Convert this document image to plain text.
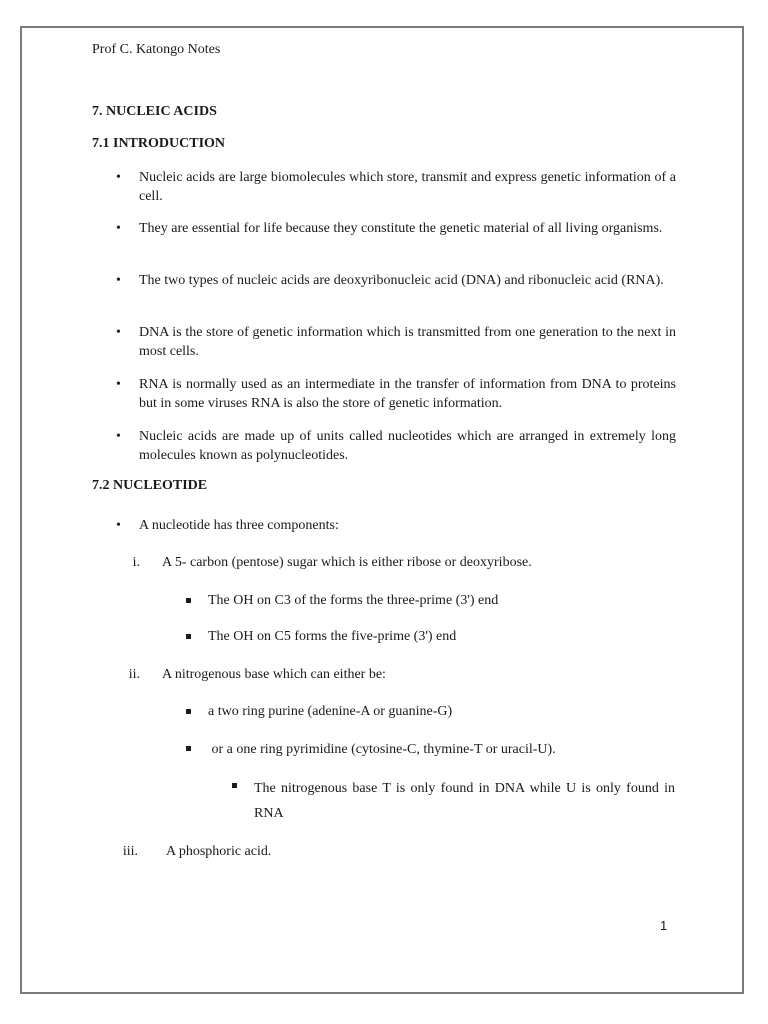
Prof C. Katongo Notes
7. NUCLEIC ACIDS
7.1 INTRODUCTION
• Nucleic acids are large biomolecules which store, transmit and express genetic information of a cell.
• They are essential for life because they constitute the genetic material of all living organisms.
• The two types of nucleic acids are deoxyribonucleic acid (DNA) and ribonucleic acid (RNA).
• DNA is the store of genetic information which is transmitted from one generation to the next in most cells.
• RNA is normally used as an intermediate in the transfer of information from DNA to proteins but in some viruses RNA is also the store of genetic information.
• Nucleic acids are made up of units called nucleotides which are arranged in extremely long molecules known as polynucleotides.
7.2 NUCLEOTIDE
• A nucleotide has three components:
i. A 5- carbon (pentose) sugar which is either ribose or deoxyribose.
The OH on C3 of the forms the three-prime (3') end
The OH on C5 forms the five-prime (3') end
ii. A nitrogenous base which can either be:
a two ring purine (adenine-A or guanine-G)
or a one ring pyrimidine (cytosine-C, thymine-T or uracil-U).
The nitrogenous base T is only found in DNA while U is only found in RNA
iii. A phosphoric acid.
1
